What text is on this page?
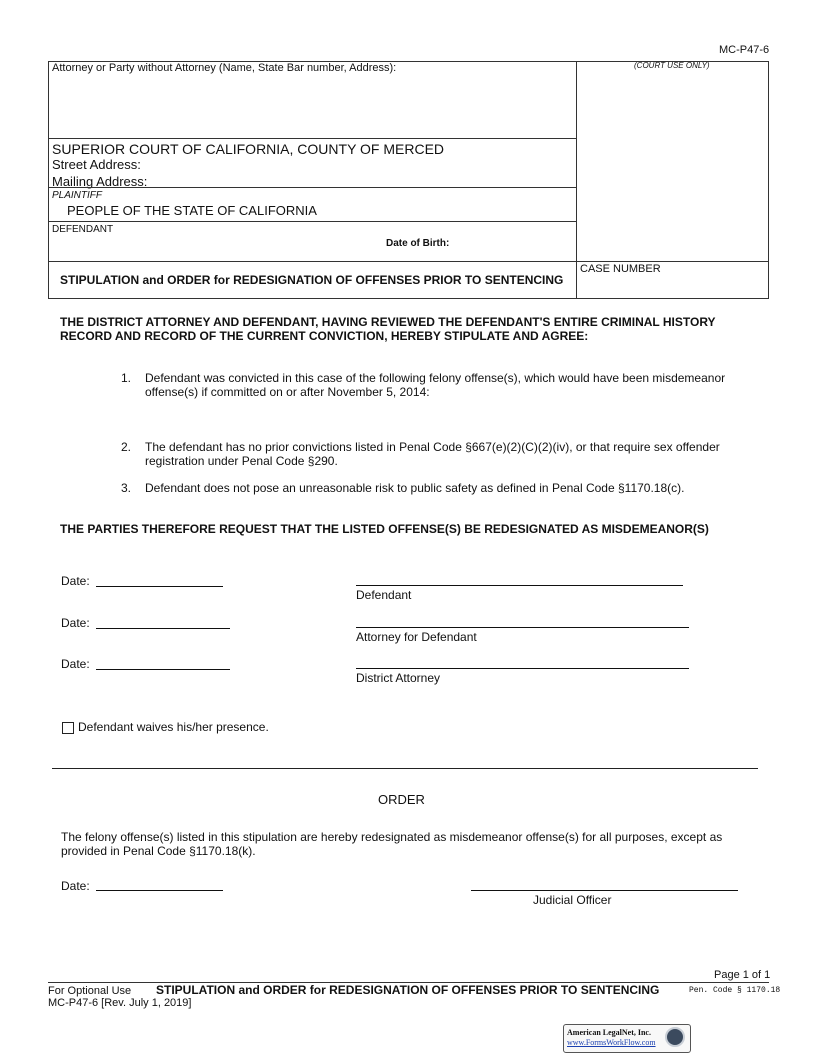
MC-P47-6
Attorney or Party without Attorney (Name, State Bar number, Address):	(COURT USE ONLY)
SUPERIOR COURT OF CALIFORNIA, COUNTY OF MERCED
Street Address:
Mailing Address:
PLAINTIFF
PEOPLE OF THE STATE OF CALIFORNIA
DEFENDANT
Date of Birth:
STIPULATION and ORDER for REDESIGNATION OF OFFENSES PRIOR TO SENTENCING
CASE NUMBER
THE DISTRICT ATTORNEY AND DEFENDANT, HAVING REVIEWED THE DEFENDANT'S ENTIRE CRIMINAL HISTORY
RECORD AND RECORD OF THE CURRENT CONVICTION, HEREBY STIPULATE AND AGREE:
1. Defendant was convicted in this case of the following felony offense(s), which would have been misdemeanor
offense(s) if committed on or after November 5, 2014:
2. The defendant has no prior convictions listed in Penal Code §667(e)(2)(C)(2)(iv), or that require sex offender
registration under Penal Code §290.
3. Defendant does not pose an unreasonable risk to public safety as defined in Penal Code §1170.18(c).
THE PARTIES THEREFORE REQUEST THAT THE LISTED OFFENSE(S) BE REDESIGNATED AS MISDEMEANOR(S)
Date:
Defendant
Date:
Attorney for Defendant
Date:
District Attorney
Defendant waives his/her presence.
ORDER
The felony offense(s) listed in this stipulation are hereby redesignated as misdemeanor offense(s) for all purposes, except as
provided in Penal Code §1170.18(k).
Date:
Judicial Officer
Page 1 of 1
For Optional Use STIPULATION and ORDER for REDESIGNATION OF OFFENSES PRIOR TO SENTENCING	Pen. Code § 1170.18
MC-P47-6 [Rev. July 1, 2019]
American LegalNet, Inc.
www.FormsWorkFlow.com
